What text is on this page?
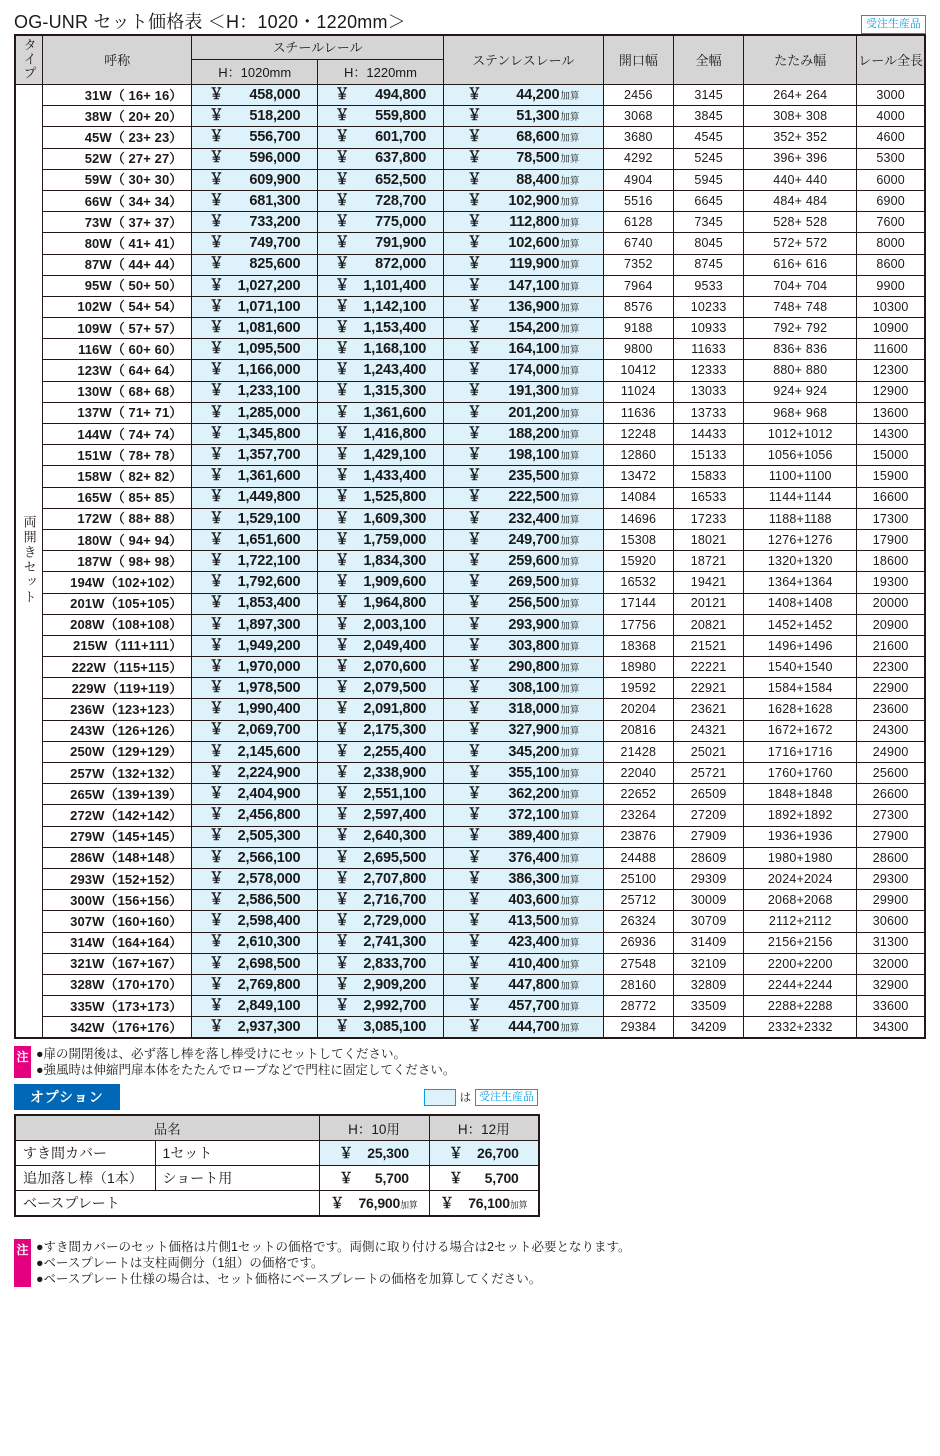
OG-UNR セット価格表 ＜H：1020・1220mm＞	受注生産品
タイプ	呼称	スチールレール		ステンレスレール	開口幅	全幅	たたみ幅	レール全長

		H：1020mm	H：1220mm					
両開きセット	31W（ 16+ 16）	￥ 458,000	￥ 494,800	￥ 44,200加算	2456	3145	264+ 264	3000
	38W（ 20+ 20）	￥ 518,200	￥ 559,800	￥ 51,300加算	3068	3845	308+ 308	4000
	45W（ 23+ 23）	￥ 556,700	￥ 601,700	￥ 68,600加算	3680	4545	352+ 352	4600
	52W（ 27+ 27）	￥ 596,000	￥ 637,800	￥ 78,500加算	4292	5245	396+ 396	5300
	59W（ 30+ 30）	￥ 609,900	￥ 652,500	￥ 88,400加算	4904	5945	440+ 440	6000
	66W（ 34+ 34）	￥ 681,300	￥ 728,700	￥ 102,900加算	5516	6645	484+ 484	6900
	73W（ 37+ 37）	￥ 733,200	￥ 775,000	￥ 112,800加算	6128	7345	528+ 528	7600
	80W（ 41+ 41）	￥ 749,700	￥ 791,900	￥ 102,600加算	6740	8045	572+ 572	8000
	87W（ 44+ 44）	￥ 825,600	￥ 872,000	￥ 119,900加算	7352	8745	616+ 616	8600
	95W（ 50+ 50）	￥ 1,027,200	￥ 1,101,400	￥ 147,100加算	7964	9533	704+ 704	9900
	102W（ 54+ 54）	￥ 1,071,100	￥ 1,142,100	￥ 136,900加算	8576	10233	748+ 748	10300
	109W（ 57+ 57）	￥ 1,081,600	￥ 1,153,400	￥ 154,200加算	9188	10933	792+ 792	10900
	116W（ 60+ 60）	￥ 1,095,500	￥ 1,168,100	￥ 164,100加算	9800	11633	836+ 836	11600
	123W（ 64+ 64）	￥ 1,166,000	￥ 1,243,400	￥ 174,000加算	10412	12333	880+ 880	12300
	130W（ 68+ 68）	￥ 1,233,100	￥ 1,315,300	￥ 191,300加算	11024	13033	924+ 924	12900
	137W（ 71+ 71）	￥ 1,285,000	￥ 1,361,600	￥ 201,200加算	11636	13733	968+ 968	13600
	144W（ 74+ 74）	￥ 1,345,800	￥ 1,416,800	￥ 188,200加算	12248	14433	1012+1012	14300
	151W（ 78+ 78）	￥ 1,357,700	￥ 1,429,100	￥ 198,100加算	12860	15133	1056+1056	15000
	158W（ 82+ 82）	￥ 1,361,600	￥ 1,433,400	￥ 235,500加算	13472	15833	1100+1100	15900
	165W（ 85+ 85）	￥ 1,449,800	￥ 1,525,800	￥ 222,500加算	14084	16533	1144+1144	16600
	172W（ 88+ 88）	￥ 1,529,100	￥ 1,609,300	￥ 232,400加算	14696	17233	1188+1188	17300
	180W（ 94+ 94）	￥ 1,651,600	￥ 1,759,000	￥ 249,700加算	15308	18021	1276+1276	17900
	187W（ 98+ 98）	￥ 1,722,100	￥ 1,834,300	￥ 259,600加算	15920	18721	1320+1320	18600
	194W（102+102）	￥ 1,792,600	￥ 1,909,600	￥ 269,500加算	16532	19421	1364+1364	19300
	201W（105+105）	￥ 1,853,400	￥ 1,964,800	￥ 256,500加算	17144	20121	1408+1408	20000
	208W（108+108）	￥ 1,897,300	￥ 2,003,100	￥ 293,900加算	17756	20821	1452+1452	20900
	215W（111+111）	￥ 1,949,200	￥ 2,049,400	￥ 303,800加算	18368	21521	1496+1496	21600
	222W（115+115）	￥ 1,970,000	￥ 2,070,600	￥ 290,800加算	18980	22221	1540+1540	22300
	229W（119+119）	￥ 1,978,500	￥ 2,079,500	￥ 308,100加算	19592	22921	1584+1584	22900
	236W（123+123）	￥ 1,990,400	￥ 2,091,800	￥ 318,000加算	20204	23621	1628+1628	23600
	243W（126+126）	￥ 2,069,700	￥ 2,175,300	￥ 327,900加算	20816	24321	1672+1672	24300
	250W（129+129）	￥ 2,145,600	￥ 2,255,400	￥ 345,200加算	21428	25021	1716+1716	24900
	257W（132+132）	￥ 2,224,900	￥ 2,338,900	￥ 355,100加算	22040	25721	1760+1760	25600
	265W（139+139）	￥ 2,404,900	￥ 2,551,100	￥ 362,200加算	22652	26509	1848+1848	26600
	272W（142+142）	￥ 2,456,800	￥ 2,597,400	￥ 372,100加算	23264	27209	1892+1892	27300
	279W（145+145）	￥ 2,505,300	￥ 2,640,300	￥ 389,400加算	23876	27909	1936+1936	27900
	286W（148+148）	￥ 2,566,100	￥ 2,695,500	￥ 376,400加算	24488	28609	1980+1980	28600
	293W（152+152）	￥ 2,578,000	￥ 2,707,800	￥ 386,300加算	25100	29309	2024+2024	29300
	300W（156+156）	￥ 2,586,500	￥ 2,716,700	￥ 403,600加算	25712	30009	2068+2068	29900
	307W（160+160）	￥ 2,598,400	￥ 2,729,000	￥ 413,500加算	26324	30709	2112+2112	30600
	314W（164+164）	￥ 2,610,300	￥ 2,741,300	￥ 423,400加算	26936	31409	2156+2156	31300
	321W（167+167）	￥ 2,698,500	￥ 2,833,700	￥ 410,400加算	27548	32109	2200+2200	32000
	328W（170+170）	￥ 2,769,800	￥ 2,909,200	￥ 447,800加算	28160	32809	2244+2244	32900
	335W（173+173）	￥ 2,849,100	￥ 2,992,700	￥ 457,700加算	28772	33509	2288+2288	33600
	342W（176+176）	￥ 2,937,300	￥ 3,085,100	￥ 444,700加算	29384	34209	2332+2332	34300
注 ●扉の開閉後は、必ず落し棒を落し棒受けにセットしてください。
●強風時は伸縮門扉本体をたたんでロープなどで門柱に固定してください。
オプション	は 受注生産品
品名		H：10用	H：12用
すき間カバー	1セット	￥ 25,300	￥ 26,700
追加落し棒（1本）	ショート用	￥ 5,700	￥ 5,700
ベースプレート		￥ 76,900加算	￥ 76,100加算
注 ●すき間カバーのセット価格は片側1セットの価格です。両側に取り付ける場合は2セット必要となります。
●ベースプレートは支柱両側分（1組）の価格です。
●ベースプレート仕様の場合は、セット価格にベースプレートの価格を加算してください。
